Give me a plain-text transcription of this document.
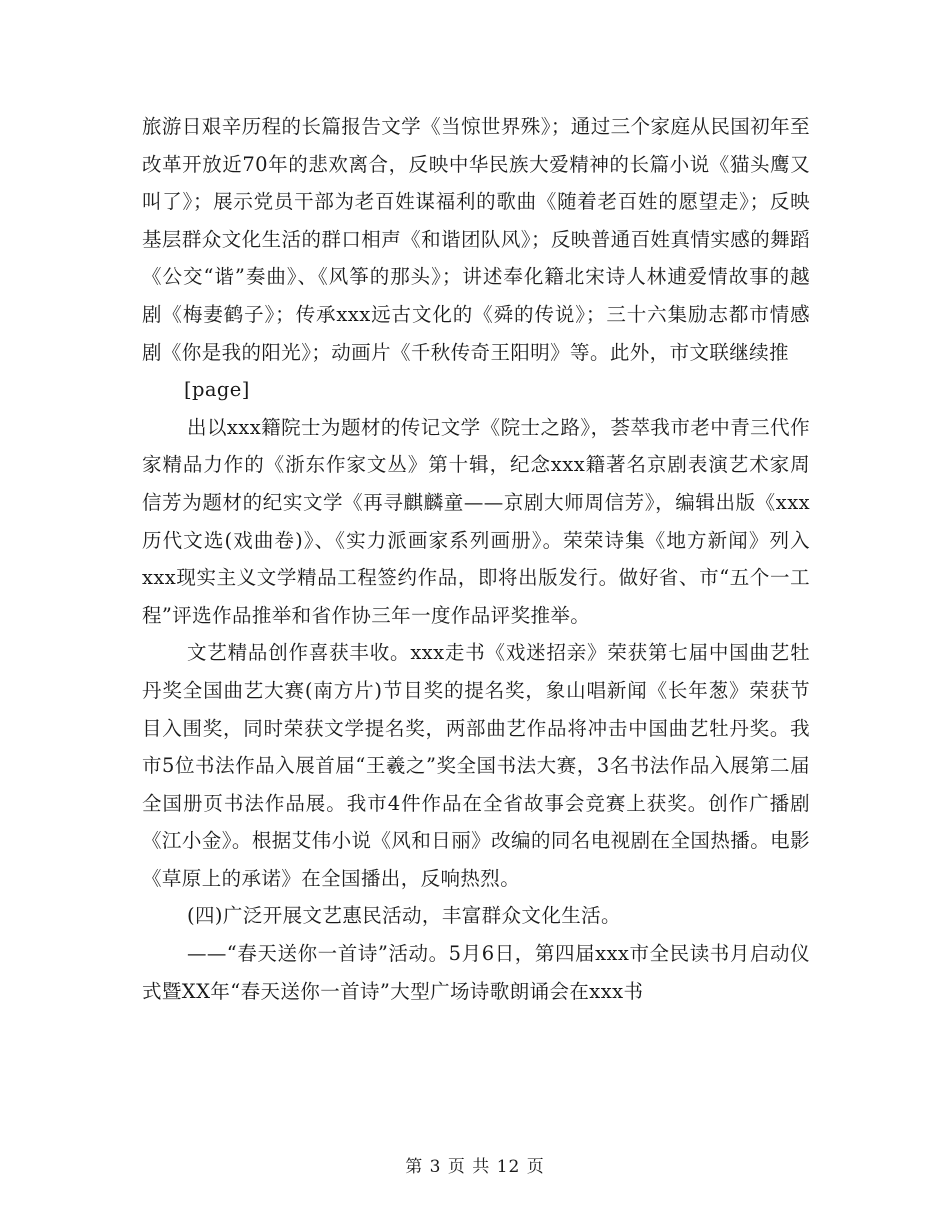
旅游日艰辛历程的长篇报告文学《当惊世界殊》；通过三个家庭从民国初年至改革开放近70年的悲欢离合，反映中华民族大爱精神的长篇小说《猫头鹰又叫了》；展示党员干部为老百姓谋福利的歌曲《随着老百姓的愿望走》；反映基层群众文化生活的群口相声《和谐团队风》；反映普通百姓真情实感的舞蹈《公交“谐”奏曲》、《风筝的那头》；讲述奉化籍北宋诗人林逋爱情故事的越剧《梅妻鹤子》；传承xxx远古文化的《舜的传说》；三十六集励志都市情感剧《你是我的阳光》；动画片《千秋传奇王阳明》等。此外，市文联继续推

[page]

出以xxx籍院士为题材的传记文学《院士之路》，荟萃我市老中青三代作家精品力作的《浙东作家文丛》第十辑，纪念xxx籍著名京剧表演艺术家周信芳为题材的纪实文学《再寻麒麟童——京剧大师周信芳》，编辑出版《xxx历代文选(戏曲卷)》、《实力派画家系列画册》。荣荣诗集《地方新闻》列入xxx现实主义文学精品工程签约作品，即将出版发行。做好省、市“五个一工程”评选作品推举和省作协三年一度作品评奖推举。

文艺精品创作喜获丰收。xxx走书《戏迷招亲》荣获第七届中国曲艺牡丹奖全国曲艺大赛(南方片)节目奖的提名奖，象山唱新闻《长年葱》荣获节目入围奖，同时荣获文学提名奖，两部曲艺作品将冲击中国曲艺牡丹奖。我市5位书法作品入展首届“王羲之”奖全国书法大赛，3名书法作品入展第二届全国册页书法作品展。我市4件作品在全省故事会竞赛上获奖。创作广播剧《江小金》。根据艾伟小说《风和日丽》改编的同名电视剧在全国热播。电影《草原上的承诺》在全国播出，反响热烈。

(四)广泛开展文艺惠民活动，丰富群众文化生活。

——“春天送你一首诗”活动。5月6日，第四届xxx市全民读书月启动仪式暨XX年“春天送你一首诗”大型广场诗歌朗诵会在xxx书

第 3 页 共 12 页
